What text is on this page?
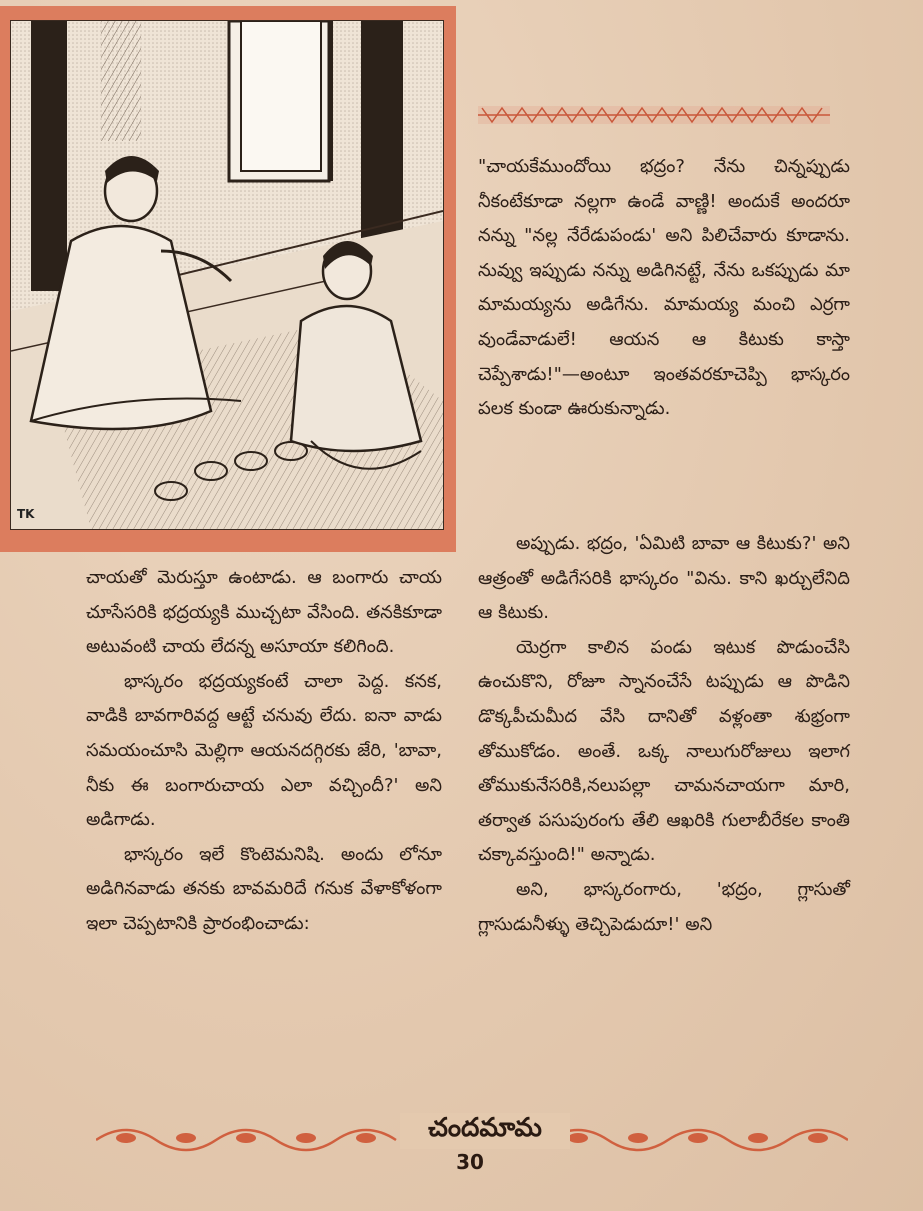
TK

"చాయకేముందోయి భద్రం? నేను చిన్నప్పుడు నీకంటేకూడా నల్లగా ఉండే వాణ్ణి! అందుకే అందరూ నన్ను "నల్ల నేరేడుపండు' అని పిలిచేవారు కూడాను. నువ్వు ఇప్పుడు నన్ను అడిగినట్టే, నేను ఒకప్పుడు మా మామయ్యను అడిగేను. మామయ్య మంచి ఎర్రగా వుండేవాడులే! ఆయన ఆ కిటుకు కాస్తా చెప్పేశాడు!"—అంటూ ఇంతవరకూచెప్పి భాస్కరం పలక కుండా ఊరుకున్నాడు.

చాయతో మెరుస్తూ ఉంటాడు. ఆ బంగారు చాయ చూసేసరికి భద్రయ్యకి ముచ్చటా వేసింది. తనకికూడా అటువంటి చాయ లేదన్న అసూయా కలిగింది.

భాస్కరం భద్రయ్యకంటే చాలా పెద్ద. కనక, వాడికి బావగారివద్ద ఆట్టే చనువు లేదు. ఐనా వాడు సమయంచూసి మెల్లిగా ఆయనదగ్గిరకు జేరి, 'బావా, నీకు ఈ బంగారుచాయ ఎలా వచ్చిందీ?' అని అడిగాడు.

భాస్కరం ఇలే కొంటెమనిషి. అందు లోనూ అడిగినవాడు తనకు బావమరిదే గనుక వేళాకోళంగా ఇలా చెప్పటానికి ప్రారంభించాడు:

అప్పుడు. భద్రం, 'ఏమిటి బావా ఆ కిటుకు?' అని ఆత్రంతో అడిగేసరికి భాస్కరం "విను. కాని ఖర్చులేనిది ఆ కిటుకు.

యెర్రగా కాలిన పండు ఇటుక పొడుంచేసి ఉంచుకొని, రోజూ స్నానంచేసే టప్పుడు ఆ పొడిని డొక్కపీచుమీద వేసి దానితో వళ్లంతా శుభ్రంగా తోముకోడం. అంతే. ఒక్క నాలుగురోజులు ఇలాగ తోముకునేసరికి,నలుపల్లా చామనచాయగా మారి, తర్వాత పసుపురంగు తేలి ఆఖరికి గులాబీరేకల కాంతి చక్కావస్తుంది!" అన్నాడు.

అని, భాస్కరంగారు, 'భద్రం, గ్లాసుతో గ్లాసుడునీళ్ళు తెచ్చిపెడుదూ!' అని

చందమామ
30
